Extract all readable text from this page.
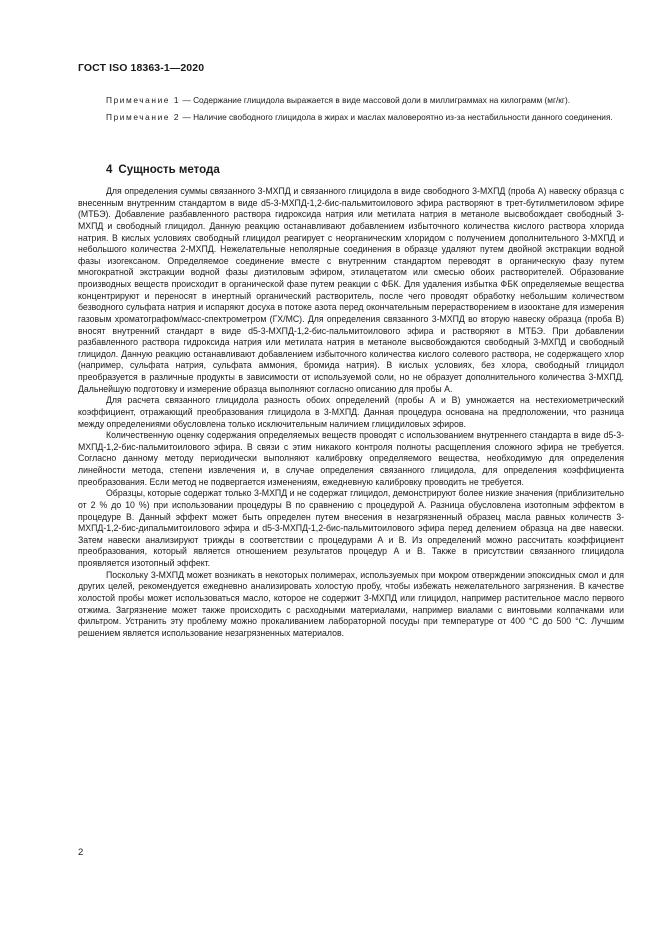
ГОСТ ISO 18363-1—2020

Примечание 1 — Содержание глицидола выражается в виде массовой доли в миллиграммах на килограмм (мг/кг).

Примечание 2 — Наличие свободного глицидола в жирах и маслах маловероятно из-за нестабильности данного соединения.

4 Сущность метода

Для определения суммы связанного 3-МХПД и связанного глицидола в виде свободного 3-МХПД (проба А) навеску образца с внесенным внутренним стандартом в виде d5-3-МХПД-1,2-бис-пальмитоилового эфира растворяют в трет-бутилметиловом эфире (МТБЭ). Добавление разбавленного раствора гидроксида натрия или метилата натрия в метаноле высвобождает свободный 3-МХПД и свободный глицидол. Данную реакцию останавливают добавлением избыточного количества кислого раствора хлорида натрия. В кислых условиях свободный глицидол реагирует с неорганическим хлоридом с получением дополнительного 3-МХПД и небольшого количества 2-МХПД. Нежелательные неполярные соединения в образце удаляют путем двойной экстракции водной фазы изогексаном. Определяемое соединение вместе с внутренним стандартом переводят в органическую фазу путем многократной экстракции водной фазы диэтиловым эфиром, этилацетатом или смесью обоих растворителей. Образование производных веществ происходит в органической фазе путем реакции с ФБК. Для удаления избытка ФБК определяемые вещества концентрируют и переносят в инертный органический растворитель, после чего проводят обработку небольшим количеством безводного сульфата натрия и испаряют досуха в потоке азота перед окончательным перерастворением в изооктане для измерения газовым хроматографом/масс-спектрометром (ГХ/МС). Для определения связанного 3-МХПД во вторую навеску образца (проба В) вносят внутренний стандарт в виде d5-3-МХПД-1,2-бис-пальмитоилового эфира и растворяют в МТБЭ. При добавлении разбавленного раствора гидроксида натрия или метилата натрия в метаноле высвобождаются свободный 3-МХПД и свободный глицидол. Данную реакцию останавливают добавлением избыточного количества кислого солевого раствора, не содержащего хлор (например, сульфата натрия, сульфата аммония, бромида натрия). В кислых условиях, без хлора, свободный глицидол преобразуется в различные продукты в зависимости от используемой соли, но не образует дополнительного количества 3-МХПД. Дальнейшую подготовку и измерение образца выполняют согласно описанию для пробы А.

Для расчета связанного глицидола разность обоих определений (пробы А и В) умножается на нестехиометрический коэффициент, отражающий преобразования глицидола в 3-МХПД. Данная процедура основана на предположении, что разница между определениями обусловлена только исключительным наличием глицидиловых эфиров.

Количественную оценку содержания определяемых веществ проводят с использованием внутреннего стандарта в виде d5-3-МХПД-1,2-бис-пальмитоилового эфира. В связи с этим никакого контроля полноты расщепления сложного эфира не требуется. Согласно данному методу периодически выполняют калибровку определяемого вещества, необходимую для определения линейности метода, степени извлечения и, в случае определения связанного глицидола, для определения коэффициента преобразования. Если метод не подвергается изменениям, ежедневную калибровку проводить не требуется.

Образцы, которые содержат только 3-МХПД и не содержат глицидол, демонстрируют более низкие значения (приблизительно от 2 % до 10 %) при использовании процедуры В по сравнению с процедурой А. Разница обусловлена изотопным эффектом в процедуре В. Данный эффект может быть определен путем внесения в незагрязненный образец масла равных количеств 3-МХПД-1,2-бис-дипальмитоилового эфира и d5-3-МХПД-1,2-бис-пальмитоилового эфира перед делением образца на две навески. Затем навески анализируют трижды в соответствии с процедурами А и В. Из определений можно рассчитать коэффициент преобразования, который является отношением результатов процедур А и В. Также в присутствии связанного глицидола проявляется изотопный эффект.

Поскольку 3-МХПД может возникать в некоторых полимерах, используемых при мокром отверждении эпоксидных смол и для других целей, рекомендуется ежедневно анализировать холостую пробу, чтобы избежать нежелательного загрязнения. В качестве холостой пробы может использоваться масло, которое не содержит 3-МХПД или глицидол, например растительное масло первого отжима. Загрязнение может также происходить с расходными материалами, например виалами с винтовыми колпачками или фильтром. Устранить эту проблему можно прокаливанием лабораторной посуды при температуре от 400 °C до 500 °C. Лучшим решением является использование незагрязненных материалов.

2
